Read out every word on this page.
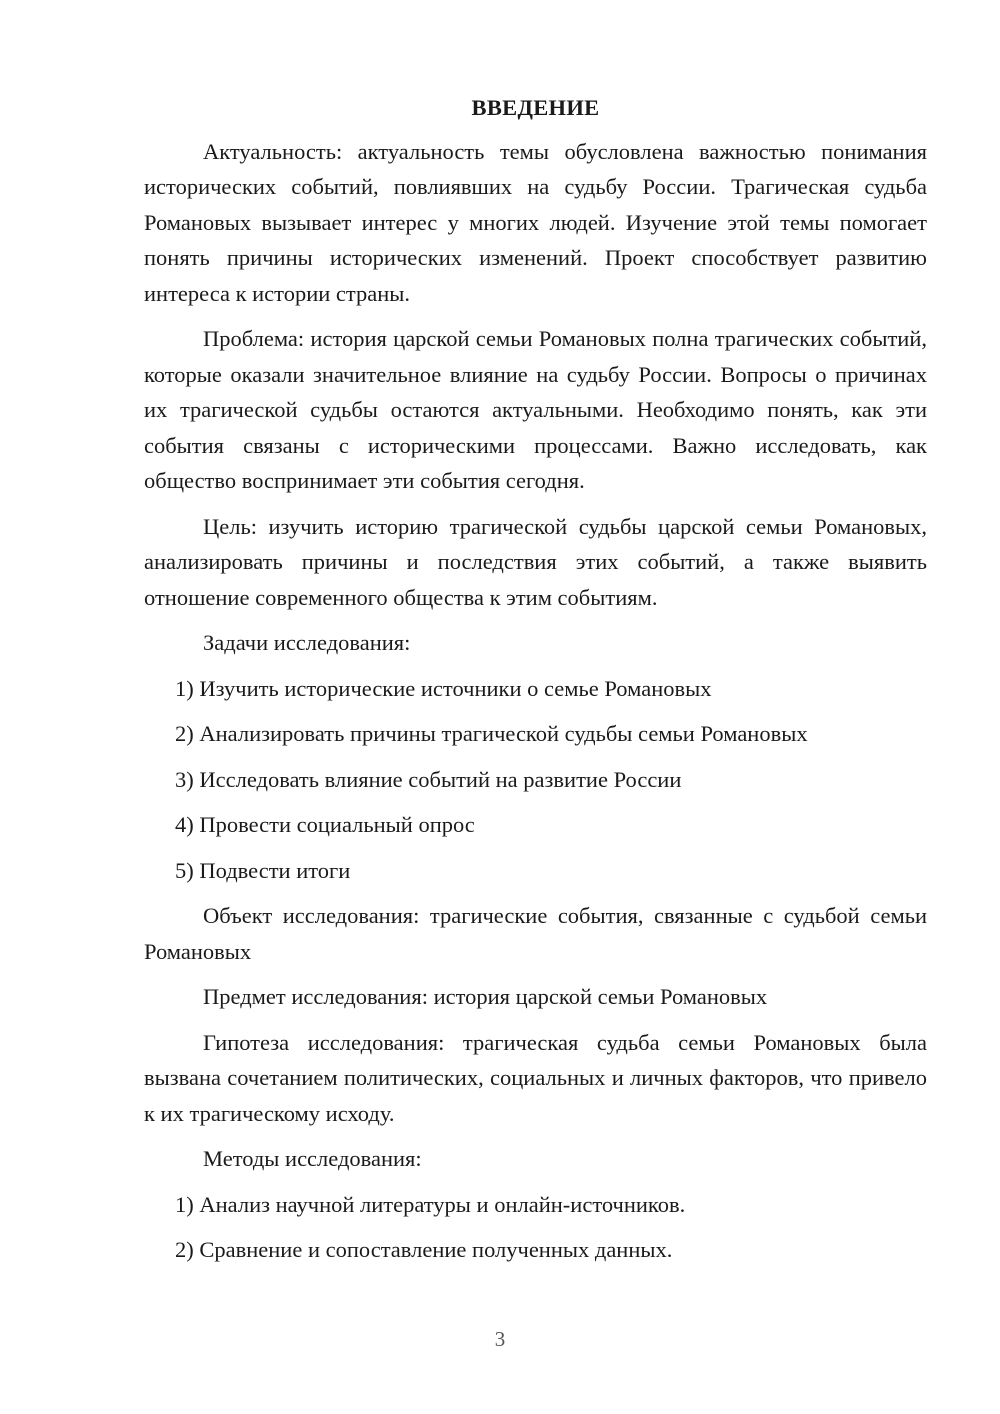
ВВЕДЕНИЕ

Актуальность: актуальность темы обусловлена важностью понимания исторических событий, повлиявших на судьбу России. Трагическая судьба Романовых вызывает интерес у многих людей. Изучение этой темы помогает понять причины исторических изменений. Проект способствует развитию интереса к истории страны.

Проблема: история царской семьи Романовых полна трагических событий, которые оказали значительное влияние на судьбу России. Вопросы о причинах их трагической судьбы остаются актуальными. Необходимо понять, как эти события связаны с историческими процессами. Важно исследовать, как общество воспринимает эти события сегодня.

Цель: изучить историю трагической судьбы царской семьи Романовых, анализировать причины и последствия этих событий, а также выявить отношение современного общества к этим событиям.

Задачи исследования:

1) Изучить исторические источники о семье Романовых
2) Анализировать причины трагической судьбы семьи Романовых
3) Исследовать влияние событий на развитие России
4) Провести социальный опрос
5) Подвести итоги

Объект исследования: трагические события, связанные с судьбой семьи Романовых

Предмет исследования: история царской семьи Романовых

Гипотеза исследования: трагическая судьба семьи Романовых была вызвана сочетанием политических, социальных и личных факторов, что привело к их трагическому исходу.

Методы исследования:

1) Анализ научной литературы и онлайн-источников.
2) Сравнение и сопоставление полученных данных.
3
